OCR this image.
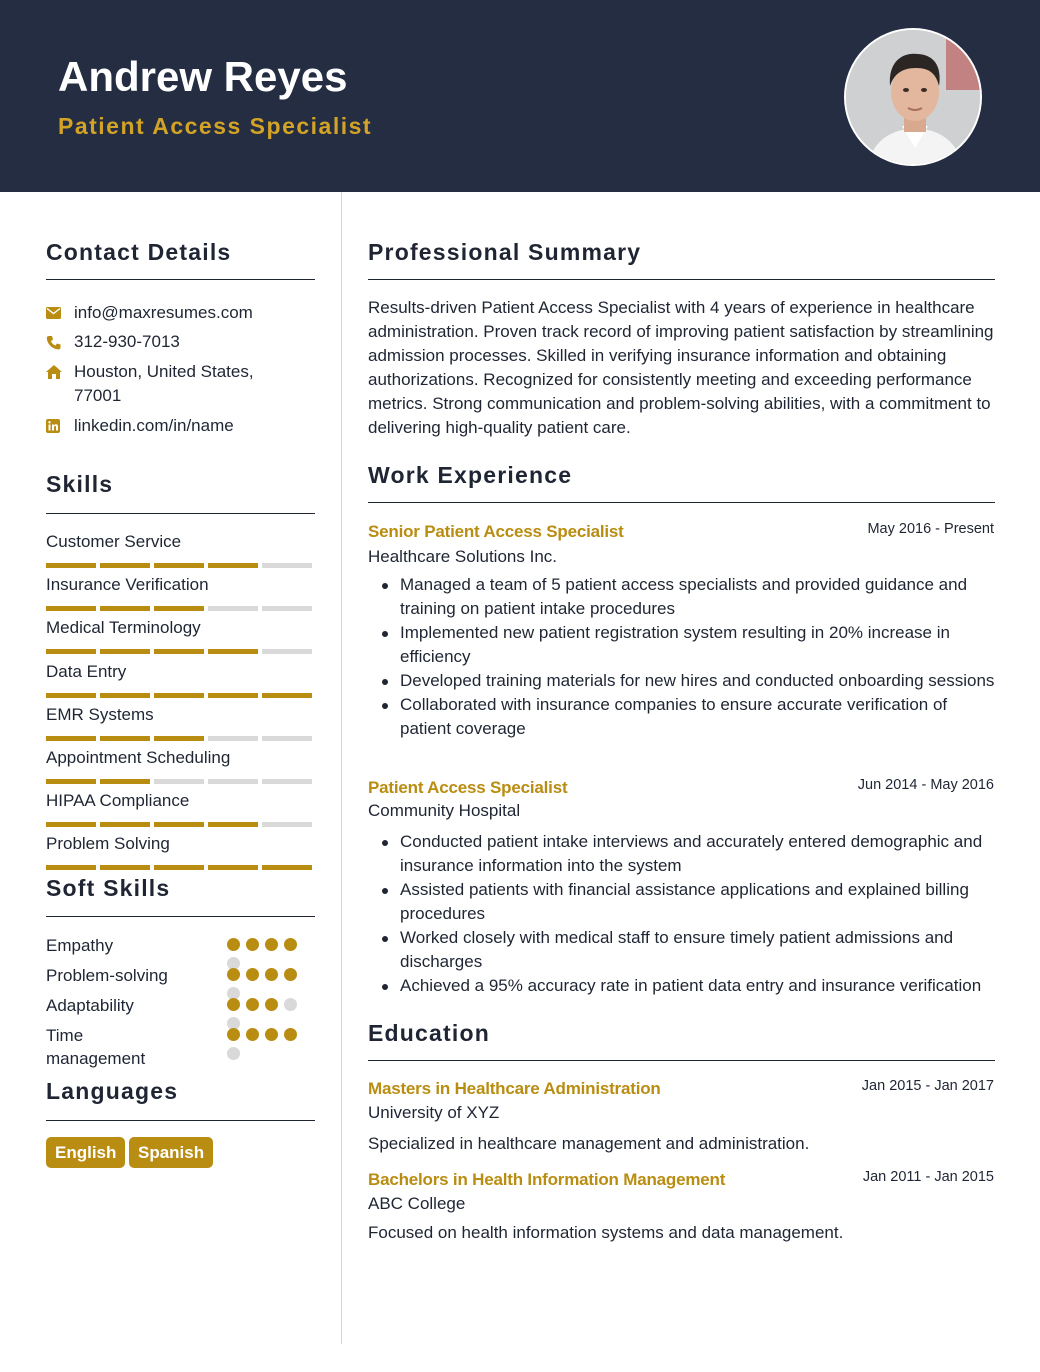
Andrew Reyes
Patient Access Specialist
Contact Details
info@maxresumes.com
312-930-7013
Houston, United States, 77001
linkedin.com/in/name
Skills
Customer Service
Insurance Verification
Medical Terminology
Data Entry
EMR Systems
Appointment Scheduling
HIPAA Compliance
Problem Solving
Soft Skills
Empathy
Problem-solving
Adaptability
Time management
Languages
English	Spanish
Professional Summary
Results-driven Patient Access Specialist with 4 years of experience in healthcare administration. Proven track record of improving patient satisfaction by streamlining admission processes. Skilled in verifying insurance information and obtaining authorizations. Recognized for consistently meeting and exceeding performance metrics. Strong communication and problem-solving abilities, with a commitment to delivering high-quality patient care.
Work Experience
Senior Patient Access Specialist	May 2016 - Present
Healthcare Solutions Inc.
Managed a team of 5 patient access specialists and provided guidance and training on patient intake procedures
Implemented new patient registration system resulting in 20% increase in efficiency
Developed training materials for new hires and conducted onboarding sessions
Collaborated with insurance companies to ensure accurate verification of patient coverage
Patient Access Specialist	Jun 2014 - May 2016
Community Hospital
Conducted patient intake interviews and accurately entered demographic and insurance information into the system
Assisted patients with financial assistance applications and explained billing procedures
Worked closely with medical staff to ensure timely patient admissions and discharges
Achieved a 95% accuracy rate in patient data entry and insurance verification
Education
Masters in Healthcare Administration	Jan 2015 - Jan 2017
University of XYZ
Specialized in healthcare management and administration.
Bachelors in Health Information Management	Jan 2011 - Jan 2015
ABC College
Focused on health information systems and data management.
